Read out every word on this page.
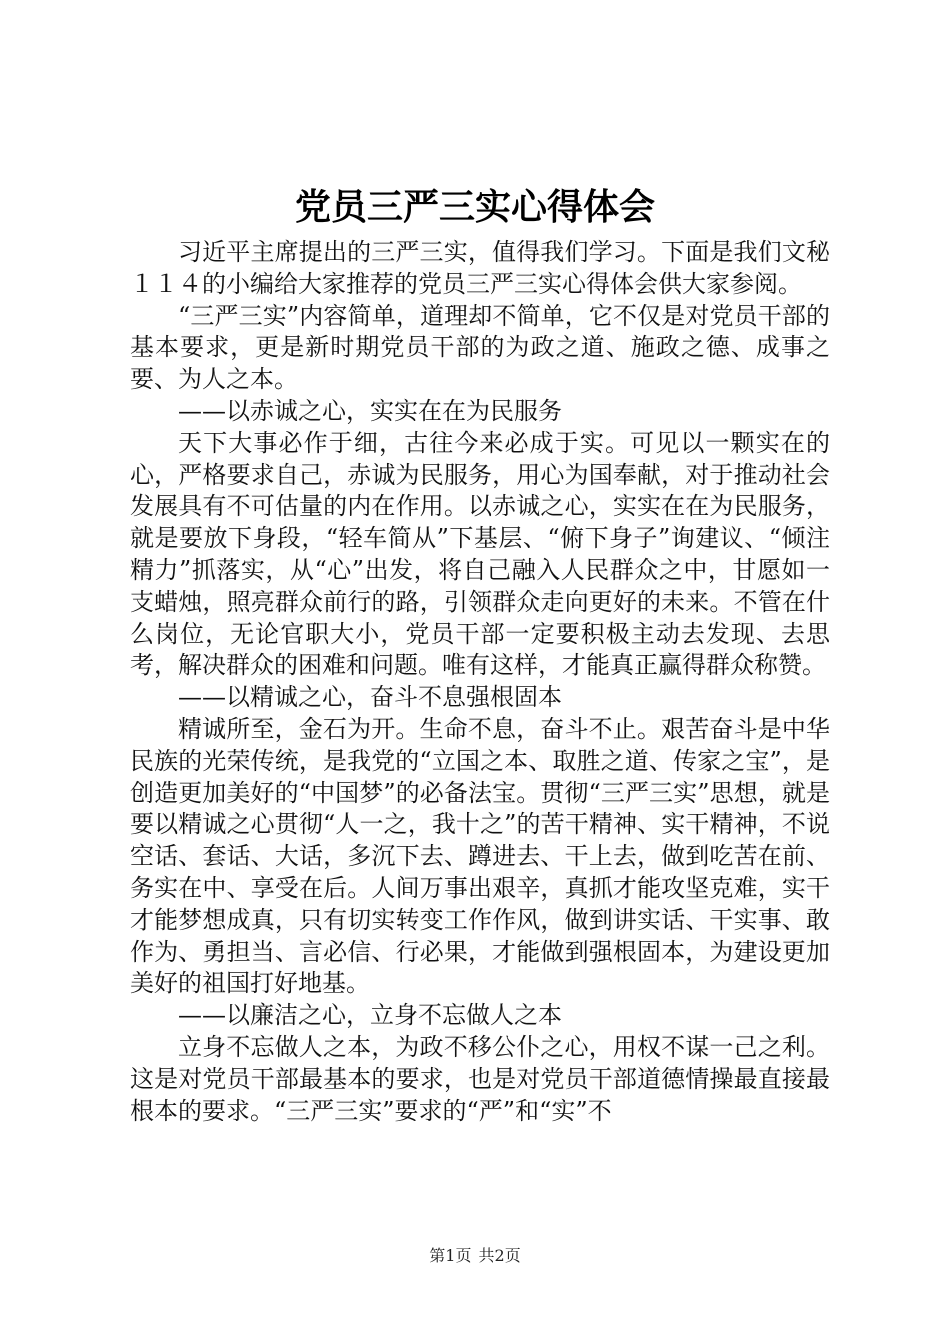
党员三严三实心得体会

习近平主席提出的三严三实，值得我们学习。下面是我们文秘１１４的小编给大家推荐的党员三严三实心得体会供大家参阅。

“三严三实”内容简单，道理却不简单，它不仅是对党员干部的基本要求，更是新时期党员干部的为政之道、施政之德、成事之要、为人之本。

——以赤诚之心，实实在在为民服务

天下大事必作于细，古往今来必成于实。可见以一颗实在的心，严格要求自己，赤诚为民服务，用心为国奉献，对于推动社会发展具有不可估量的内在作用。以赤诚之心，实实在在为民服务，就是要放下身段，“轻车简从”下基层、“俯下身子”询建议、“倾注精力”抓落实，从“心”出发，将自己融入人民群众之中，甘愿如一支蜡烛，照亮群众前行的路，引领群众走向更好的未来。不管在什么岗位，无论官职大小，党员干部一定要积极主动去发现、去思考，解决群众的困难和问题。唯有这样，才能真正赢得群众称赞。

——以精诚之心，奋斗不息强根固本

精诚所至，金石为开。生命不息，奋斗不止。艰苦奋斗是中华民族的光荣传统，是我党的“立国之本、取胜之道、传家之宝”，是创造更加美好的“中国梦”的必备法宝。贯彻“三严三实”思想，就是要以精诚之心贯彻“人一之，我十之”的苦干精神、实干精神，不说空话、套话、大话，多沉下去、蹲进去、干上去，做到吃苦在前、务实在中、享受在后。人间万事出艰辛，真抓才能攻坚克难，实干才能梦想成真，只有切实转变工作作风，做到讲实话、干实事、敢作为、勇担当、言必信、行必果，才能做到强根固本，为建设更加美好的祖国打好地基。

——以廉洁之心，立身不忘做人之本

立身不忘做人之本，为政不移公仆之心，用权不谋一己之利。这是对党员干部最基本的要求，也是对党员干部道德情操最直接最根本的要求。“三严三实”要求的“严”和“实”不

第1页 共2页
